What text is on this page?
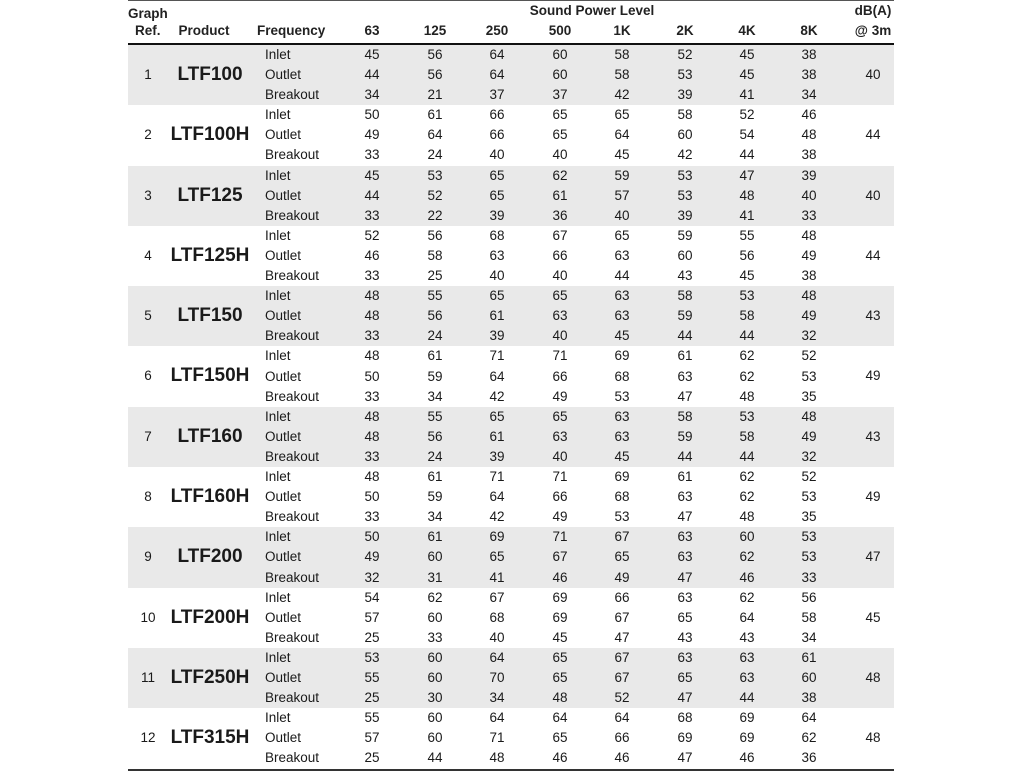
Graph
Ref. Product Frequency
Sound Power Level	dB(A)
@ 3m
63	125	250	500	1K	2K	4K	8K
1 LTF100	40
Inlet	45	56	64	60	58	52	45	38
Outlet	44	56	64	60	58	53	45	38
Breakout	34	21	37	37	42	39	41	34
2 LTF100H	44
Inlet	50	61	66	65	65	58	52	46
Outlet	49	64	66	65	64	60	54	48
Breakout	33	24	40	40	45	42	44	38
3 LTF125	40
Inlet	45	53	65	62	59	53	47	39
Outlet	44	52	65	61	57	53	48	40
Breakout	33	22	39	36	40	39	41	33
4 LTF125H	44
Inlet	52	56	68	67	65	59	55	48
Outlet	46	58	63	66	63	60	56	49
Breakout	33	25	40	40	44	43	45	38
5 LTF150	43
Inlet	48	55	65	65	63	58	53	48
Outlet	48	56	61	63	63	59	58	49
Breakout	33	24	39	40	45	44	44	32
6 LTF150H	49
Inlet	48	61	71	71	69	61	62	52
Outlet	50	59	64	66	68	63	62	53
Breakout	33	34	42	49	53	47	48	35
7 LTF160	43
Inlet	48	55	65	65	63	58	53	48
Outlet	48	56	61	63	63	59	58	49
Breakout	33	24	39	40	45	44	44	32
8 LTF160H	49
Inlet	48	61	71	71	69	61	62	52
Outlet	50	59	64	66	68	63	62	53
Breakout	33	34	42	49	53	47	48	35
9 LTF200	47
Inlet	50	61	69	71	67	63	60	53
Outlet	49	60	65	67	65	63	62	53
Breakout	32	31	41	46	49	47	46	33
10 LTF200H	45
Inlet	54	62	67	69	66	63	62	56
Outlet	57	60	68	69	67	65	64	58
Breakout	25	33	40	45	47	43	43	34
11 LTF250H	48
Inlet	53	60	64	65	67	63	63	61
Outlet	55	60	70	65	67	65	63	60
Breakout	25	30	34	48	52	47	44	38
12 LTF315H	48
Inlet	55	60	64	64	64	68	69	64
Outlet	57	60	71	65	66	69	69	62
Breakout	25	44	48	46	46	47	46	36
